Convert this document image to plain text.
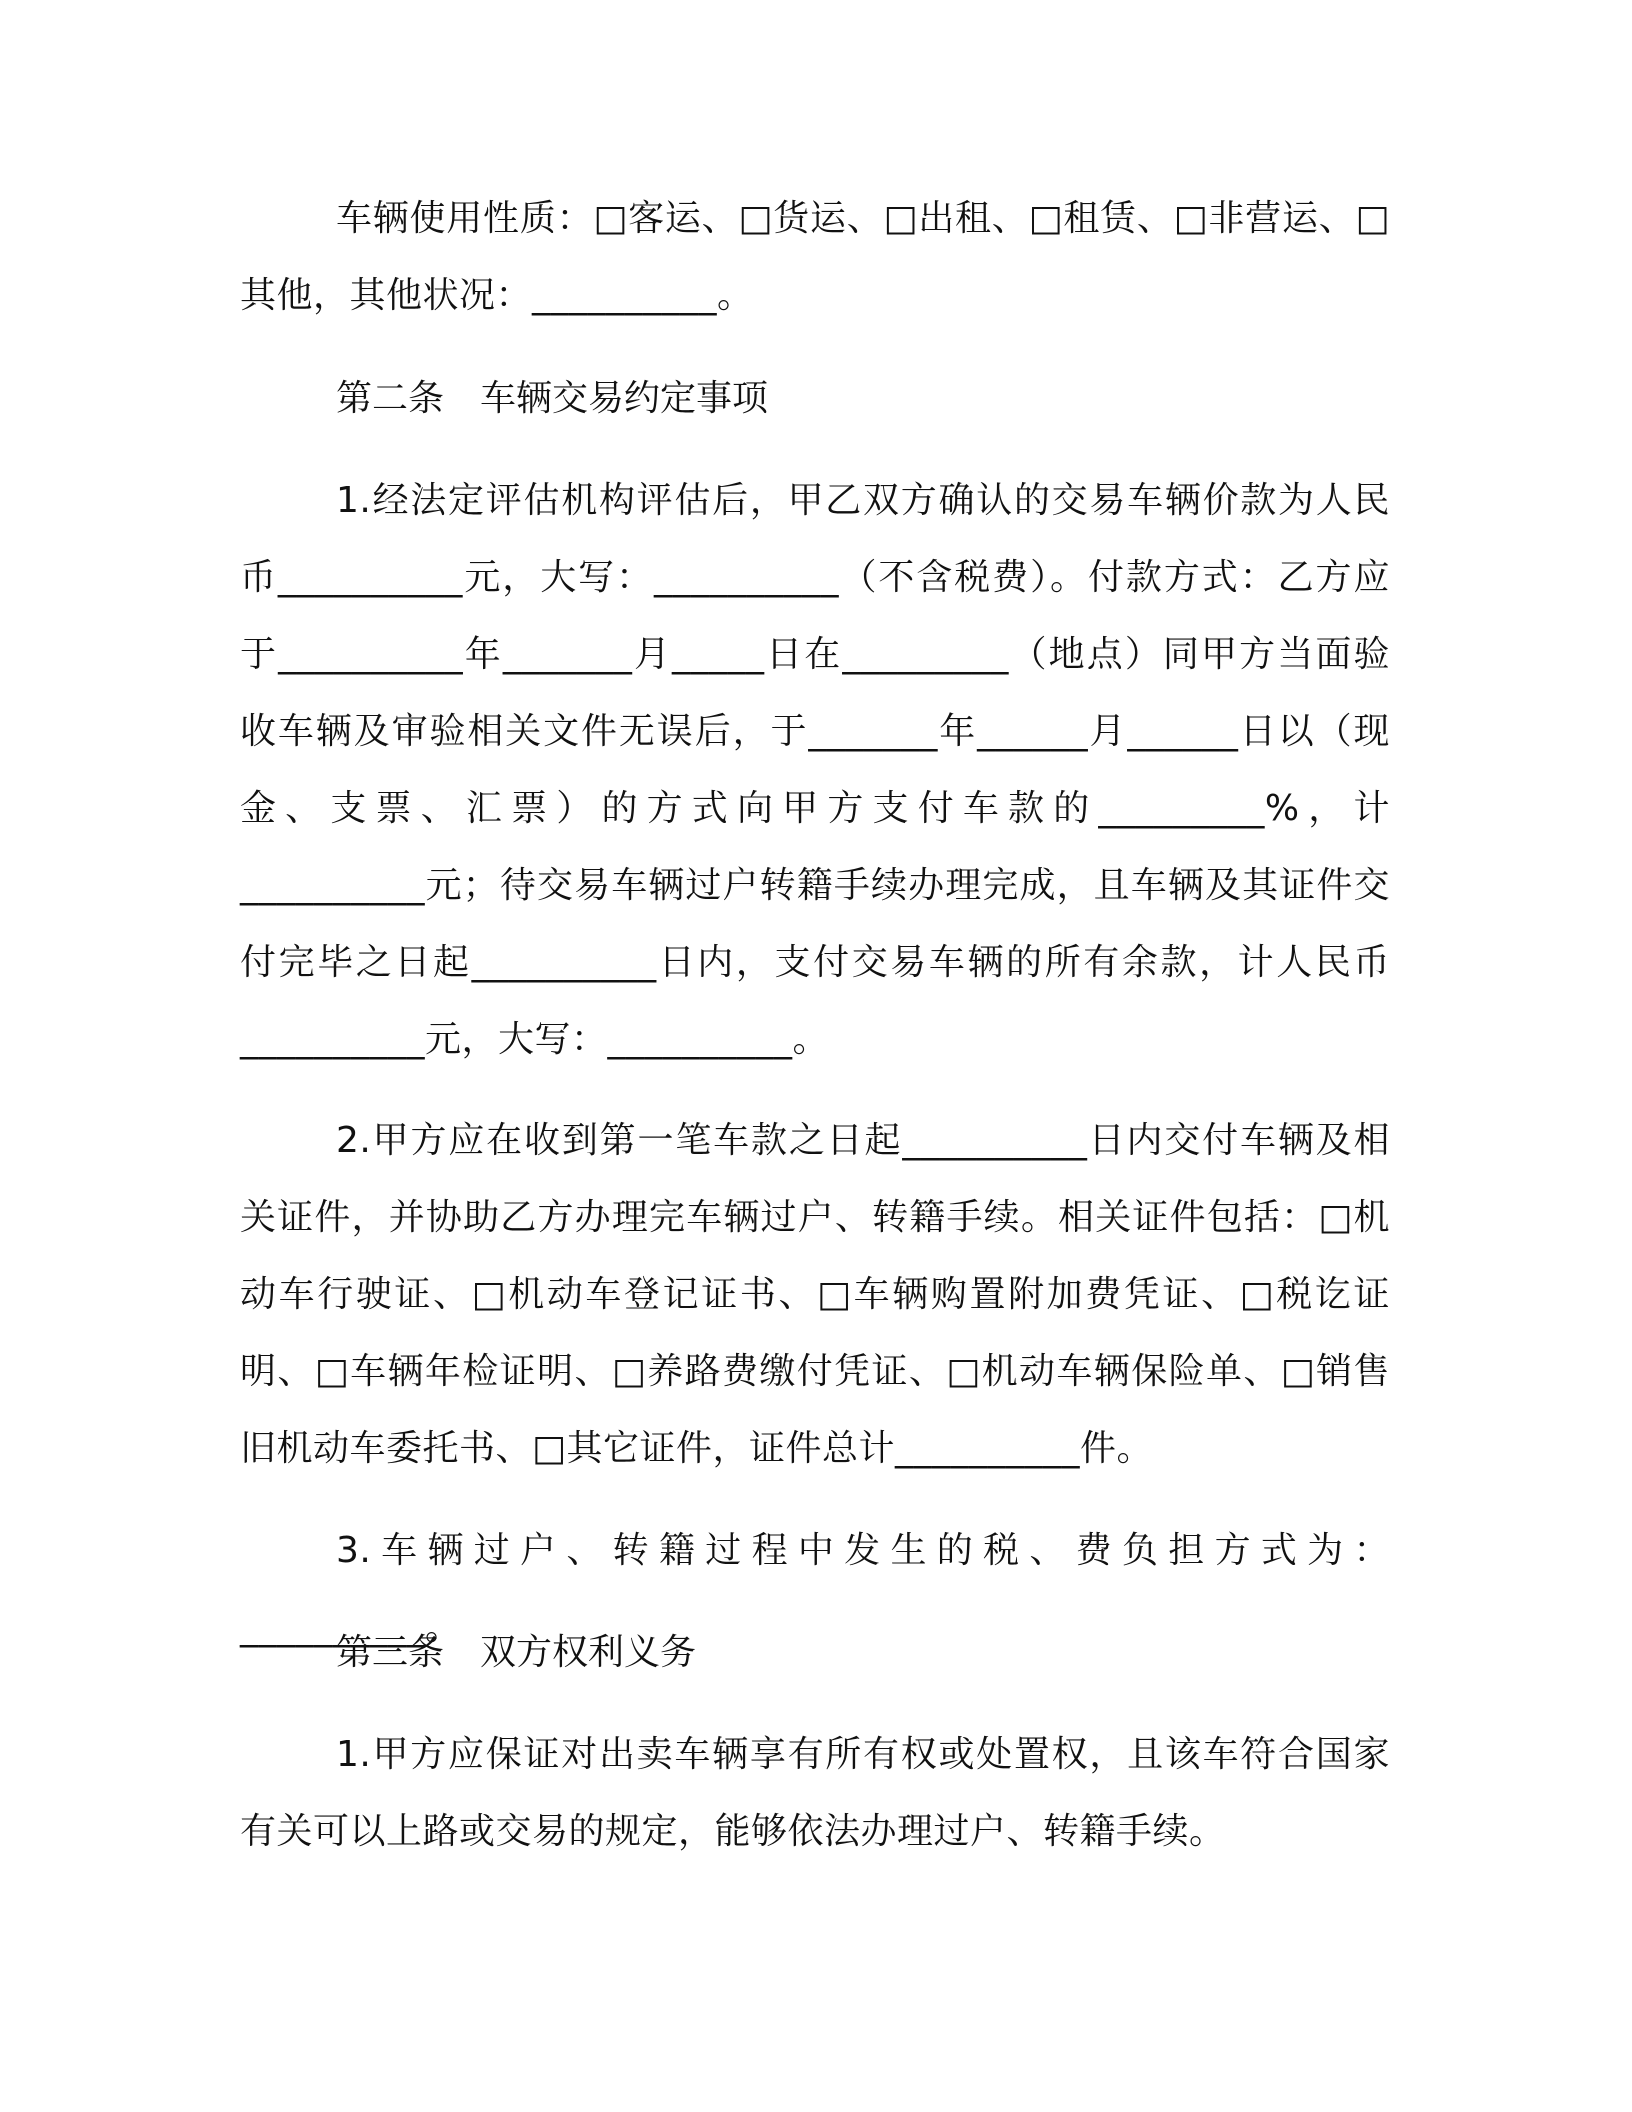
车辆使用性质：□客运、□货运、□出租、□租赁、□非营运、□其他，其他状况：__________。

第二条　车辆交易约定事项

1.经法定评估机构评估后，甲乙双方确认的交易车辆价款为人民币__________元，大写：__________（不含税费）。付款方式：乙方应于__________年_______月_____日在_________（地点）同甲方当面验收车辆及审验相关文件无误后，于_______年______月______日以（现金、支票、汇票）的方式向甲方支付车款的_________%，计__________元；待交易车辆过户转籍手续办理完成，且车辆及其证件交付完毕之日起__________日内，支付交易车辆的所有余款，计人民币__________元，大写：__________。

2.甲方应在收到第一笔车款之日起__________日内交付车辆及相关证件，并协助乙方办理完车辆过户、转籍手续。相关证件包括：□机动车行驶证、□机动车登记证书、□车辆购置附加费凭证、□税讫证明、□车辆年检证明、□养路费缴付凭证、□机动车辆保险单、□销售旧机动车委托书、□其它证件，证件总计__________件。

3.车辆过户、转籍过程中发生的税、费负担方式为：__________。

第三条　双方权利义务

1.甲方应保证对出卖车辆享有所有权或处置权，且该车符合国家有关可以上路或交易的规定，能够依法办理过户、转籍手续。
